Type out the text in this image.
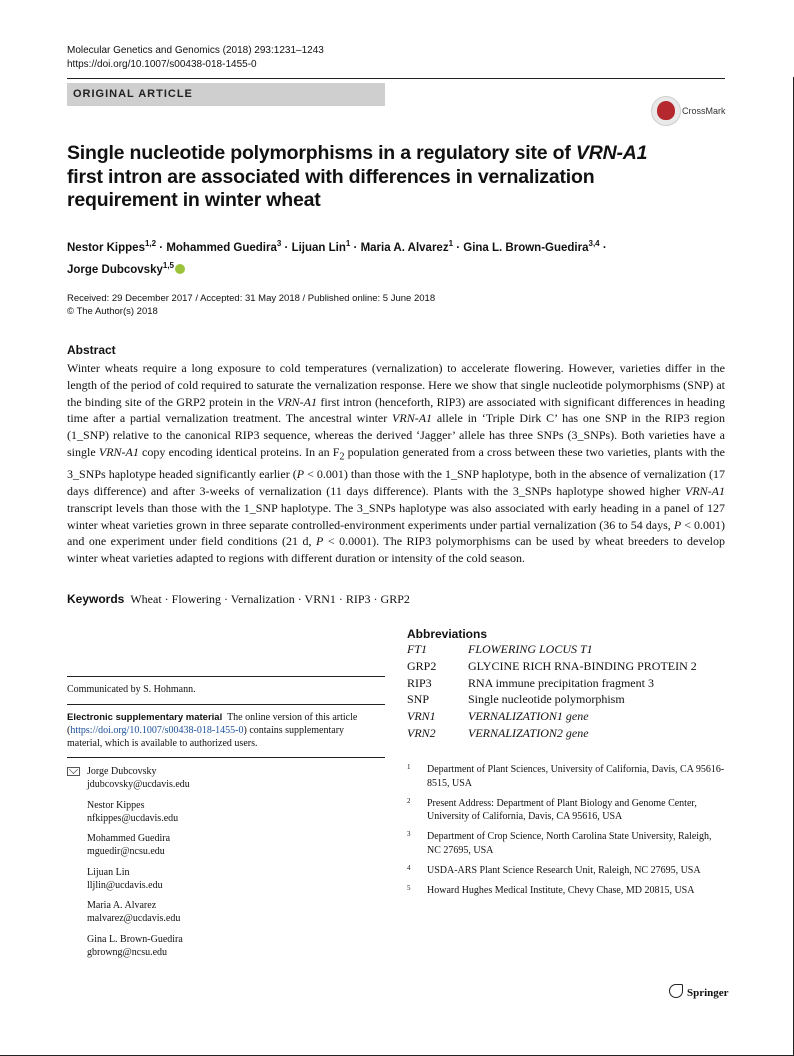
Molecular Genetics and Genomics (2018) 293:1231–1243
https://doi.org/10.1007/s00438-018-1455-0
ORIGINAL ARTICLE
CrossMark
Single nucleotide polymorphisms in a regulatory site of VRN-A1 first intron are associated with differences in vernalization requirement in winter wheat
Nestor Kippes$^{1,2}$ · Mohammed Guedira$^3$ · Lijuan Lin$^1$ · Maria A. Alvarez$^1$ · Gina L. Brown-Guedira$^{3,4}$ ·
Jorge Dubcovsky$^{1,5}$
Received: 29 December 2017 / Accepted: 31 May 2018 / Published online: 5 June 2018
© The Author(s) 2018
Abstract
Winter wheats require a long exposure to cold temperatures (vernalization) to accelerate flowering. However, varieties differ in the length of the period of cold required to saturate the vernalization response. Here we show that single nucleotide polymorphisms (SNP) at the binding site of the GRP2 protein in the VRN-A1 first intron (henceforth, RIP3) are associated with significant differences in heading time after a partial vernalization treatment. The ancestral winter VRN-A1 allele in ‘Triple Dirk C’ has one SNP in the RIP3 region (1_SNP) relative to the canonical RIP3 sequence, whereas the derived ‘Jagger’ allele has three SNPs (3_SNPs). Both varieties have a single VRN-A1 copy encoding identical proteins. In an $F_2$ population generated from a cross between these two varieties, plants with the 3_SNPs haplotype headed significantly earlier (P < 0.001) than those with the 1_SNP haplotype, both in the absence of vernalization (17 days difference) and after 3-weeks of vernalization (11 days difference). Plants with the 3_SNPs haplotype showed higher VRN-A1 transcript levels than those with the 1_SNP haplotype. The 3_SNPs haplotype was also associated with early heading in a panel of 127 winter wheat varieties grown in three separate controlled-environment experiments under partial vernalization (36 to 54 days, P < 0.001) and one experiment under field conditions (21 d, P < 0.0001). The RIP3 polymorphisms can be used by wheat breeders to develop winter wheat varieties adapted to regions with different duration or intensity of the cold season.
Keywords Wheat · Flowering · Vernalization · VRN1 · RIP3 · GRP2
Abbreviations
FT1	FLOWERING LOCUS T1
GRP2	GLYCINE RICH RNA-BINDING PROTEIN 2
RIP3	RNA immune precipitation fragment 3
SNP	Single nucleotide polymorphism
VRN1	VERNALIZATION1 gene
VRN2	VERNALIZATION2 gene
Communicated by S. Hohmann.
Electronic supplementary material The online version of this article (https://doi.org/10.1007/s00438-018-1455-0) contains supplementary material, which is available to authorized users.
Jorge Dubcovsky
jdubcovsky@ucdavis.edu
Nestor Kippes
nfkippes@ucdavis.edu
Mohammed Guedira
mguedir@ncsu.edu
Lijuan Lin
lljlin@ucdavis.edu
Maria A. Alvarez
malvarez@ucdavis.edu
Gina L. Brown-Guedira
gbrowng@ncsu.edu
1 Department of Plant Sciences, University of California, Davis, CA 95616-8515, USA
2 Present Address: Department of Plant Biology and Genome Center, University of California, Davis, CA 95616, USA
3 Department of Crop Science, North Carolina State University, Raleigh, NC 27695, USA
4 USDA-ARS Plant Science Research Unit, Raleigh, NC 27695, USA
5 Howard Hughes Medical Institute, Chevy Chase, MD 20815, USA
Springer
